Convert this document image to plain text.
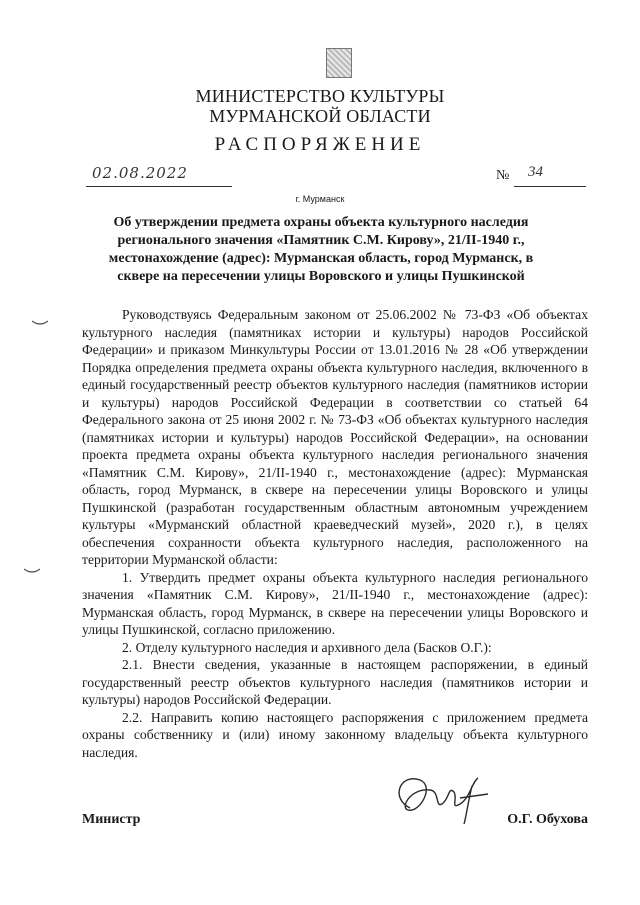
МИНИСТЕРСТВО КУЛЬТУРЫ
МУРМАНСКОЙ ОБЛАСТИ
РАСПОРЯЖЕНИЕ
02.08.2022	№ 34
г. Мурманск
Об утверждении предмета охраны объекта культурного наследия регионального значения «Памятник С.М. Кирову», 21/II-1940 г., местонахождение (адрес): Мурманская область, город Мурманск, в сквере на пересечении улицы Воровского и улицы Пушкинской

Руководствуясь Федеральным законом от 25.06.2002 № 73-ФЗ «Об объектах культурного наследия (памятниках истории и культуры) народов Российской Федерации» и приказом Минкультуры России от 13.01.2016 № 28 «Об утверждении Порядка определения предмета охраны объекта культурного наследия, включенного в единый государственный реестр объектов культурного наследия (памятников истории и культуры) народов Российской Федерации в соответствии со статьей 64 Федерального закона от 25 июня 2002 г. № 73-ФЗ «Об объектах культурного наследия (памятниках истории и культуры) народов Российской Федерации», на основании проекта предмета охраны объекта культурного наследия регионального значения «Памятник С.М. Кирову», 21/II-1940 г., местонахождение (адрес): Мурманская область, город Мурманск, в сквере на пересечении улицы Воровского и улицы Пушкинской (разработан государственным областным автономным учреждением культуры «Мурманский областной краеведческий музей», 2020 г.), в целях обеспечения сохранности объекта культурного наследия, расположенного на территории Мурманской области:

1. Утвердить предмет охраны объекта культурного наследия регионального значения «Памятник С.М. Кирову», 21/II-1940 г., местонахождение (адрес): Мурманская область, город Мурманск, в сквере на пересечении улицы Воровского и улицы Пушкинской, согласно приложению.

2. Отделу культурного наследия и архивного дела (Басков О.Г.):

2.1. Внести сведения, указанные в настоящем распоряжении, в единый государственный реестр объектов культурного наследия (памятников истории и культуры) народов Российской Федерации.

2.2. Направить копию настоящего распоряжения с приложением предмета охраны собственнику и (или) иному законному владельцу объекта культурного наследия.

Министр	О.Г. Обухова
